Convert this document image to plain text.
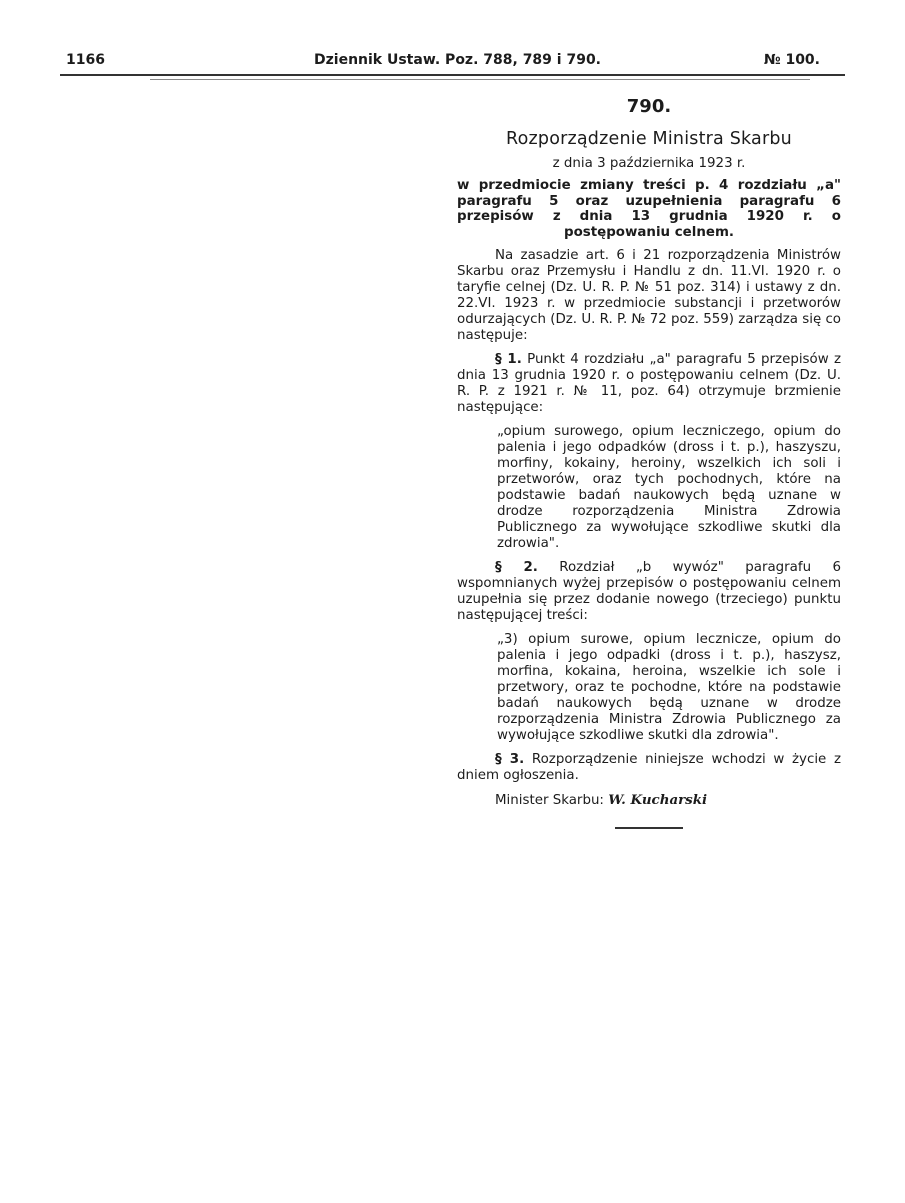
1166	Dziennik Ustaw. Poz. 788, 789 i 790.	№ 100.
790.
Rozporządzenie Ministra Skarbu
z dnia 3 października 1923 r.
w przedmiocie zmiany treści p. 4 rozdziału „a" paragrafu 5 oraz uzupełnienia paragrafu 6 przepisów z dnia 13 grudnia 1920 r. o postępowaniu celnem.

Na zasadzie art. 6 i 21 rozporządzenia Ministrów Skarbu oraz Przemysłu i Handlu z dn. 11.VI. 1920 r. o taryfie celnej (Dz. U. R. P. № 51 poz. 314) i ustawy z dn. 22.VI. 1923 r. w przedmiocie substancji i przetworów odurzających (Dz. U. R. P. № 72 poz. 559) zarządza się co następuje:

§ 1. Punkt 4 rozdziału „a" paragrafu 5 przepisów z dnia 13 grudnia 1920 r. o postępowaniu celnem (Dz. U. R. P. z 1921 r. № 11, poz. 64) otrzymuje brzmienie następujące:

„opium surowego, opium leczniczego, opium do palenia i jego odpadków (dross i t. p.), haszyszu, morfiny, kokainy, heroiny, wszelkich ich soli i przetworów, oraz tych pochodnych, które na podstawie badań naukowych będą uznane w drodze rozporządzenia Ministra Zdrowia Publicznego za wywołujące szkodliwe skutki dla zdrowia".

§ 2. Rozdział „b wywóz" paragrafu 6 wspomnianych wyżej przepisów o postępowaniu celnem uzupełnia się przez dodanie nowego (trzeciego) punktu następującej treści:

„3) opium surowe, opium lecznicze, opium do palenia i jego odpadki (dross i t. p.), haszysz, morfina, kokaina, heroina, wszelkie ich sole i przetwory, oraz te pochodne, które na podstawie badań naukowych będą uznane w drodze rozporządzenia Ministra Zdrowia Publicznego za wywołujące szkodliwe skutki dla zdrowia".

§ 3. Rozporządzenie niniejsze wchodzi w życie z dniem ogłoszenia.

Minister Skarbu: W. Kucharski
